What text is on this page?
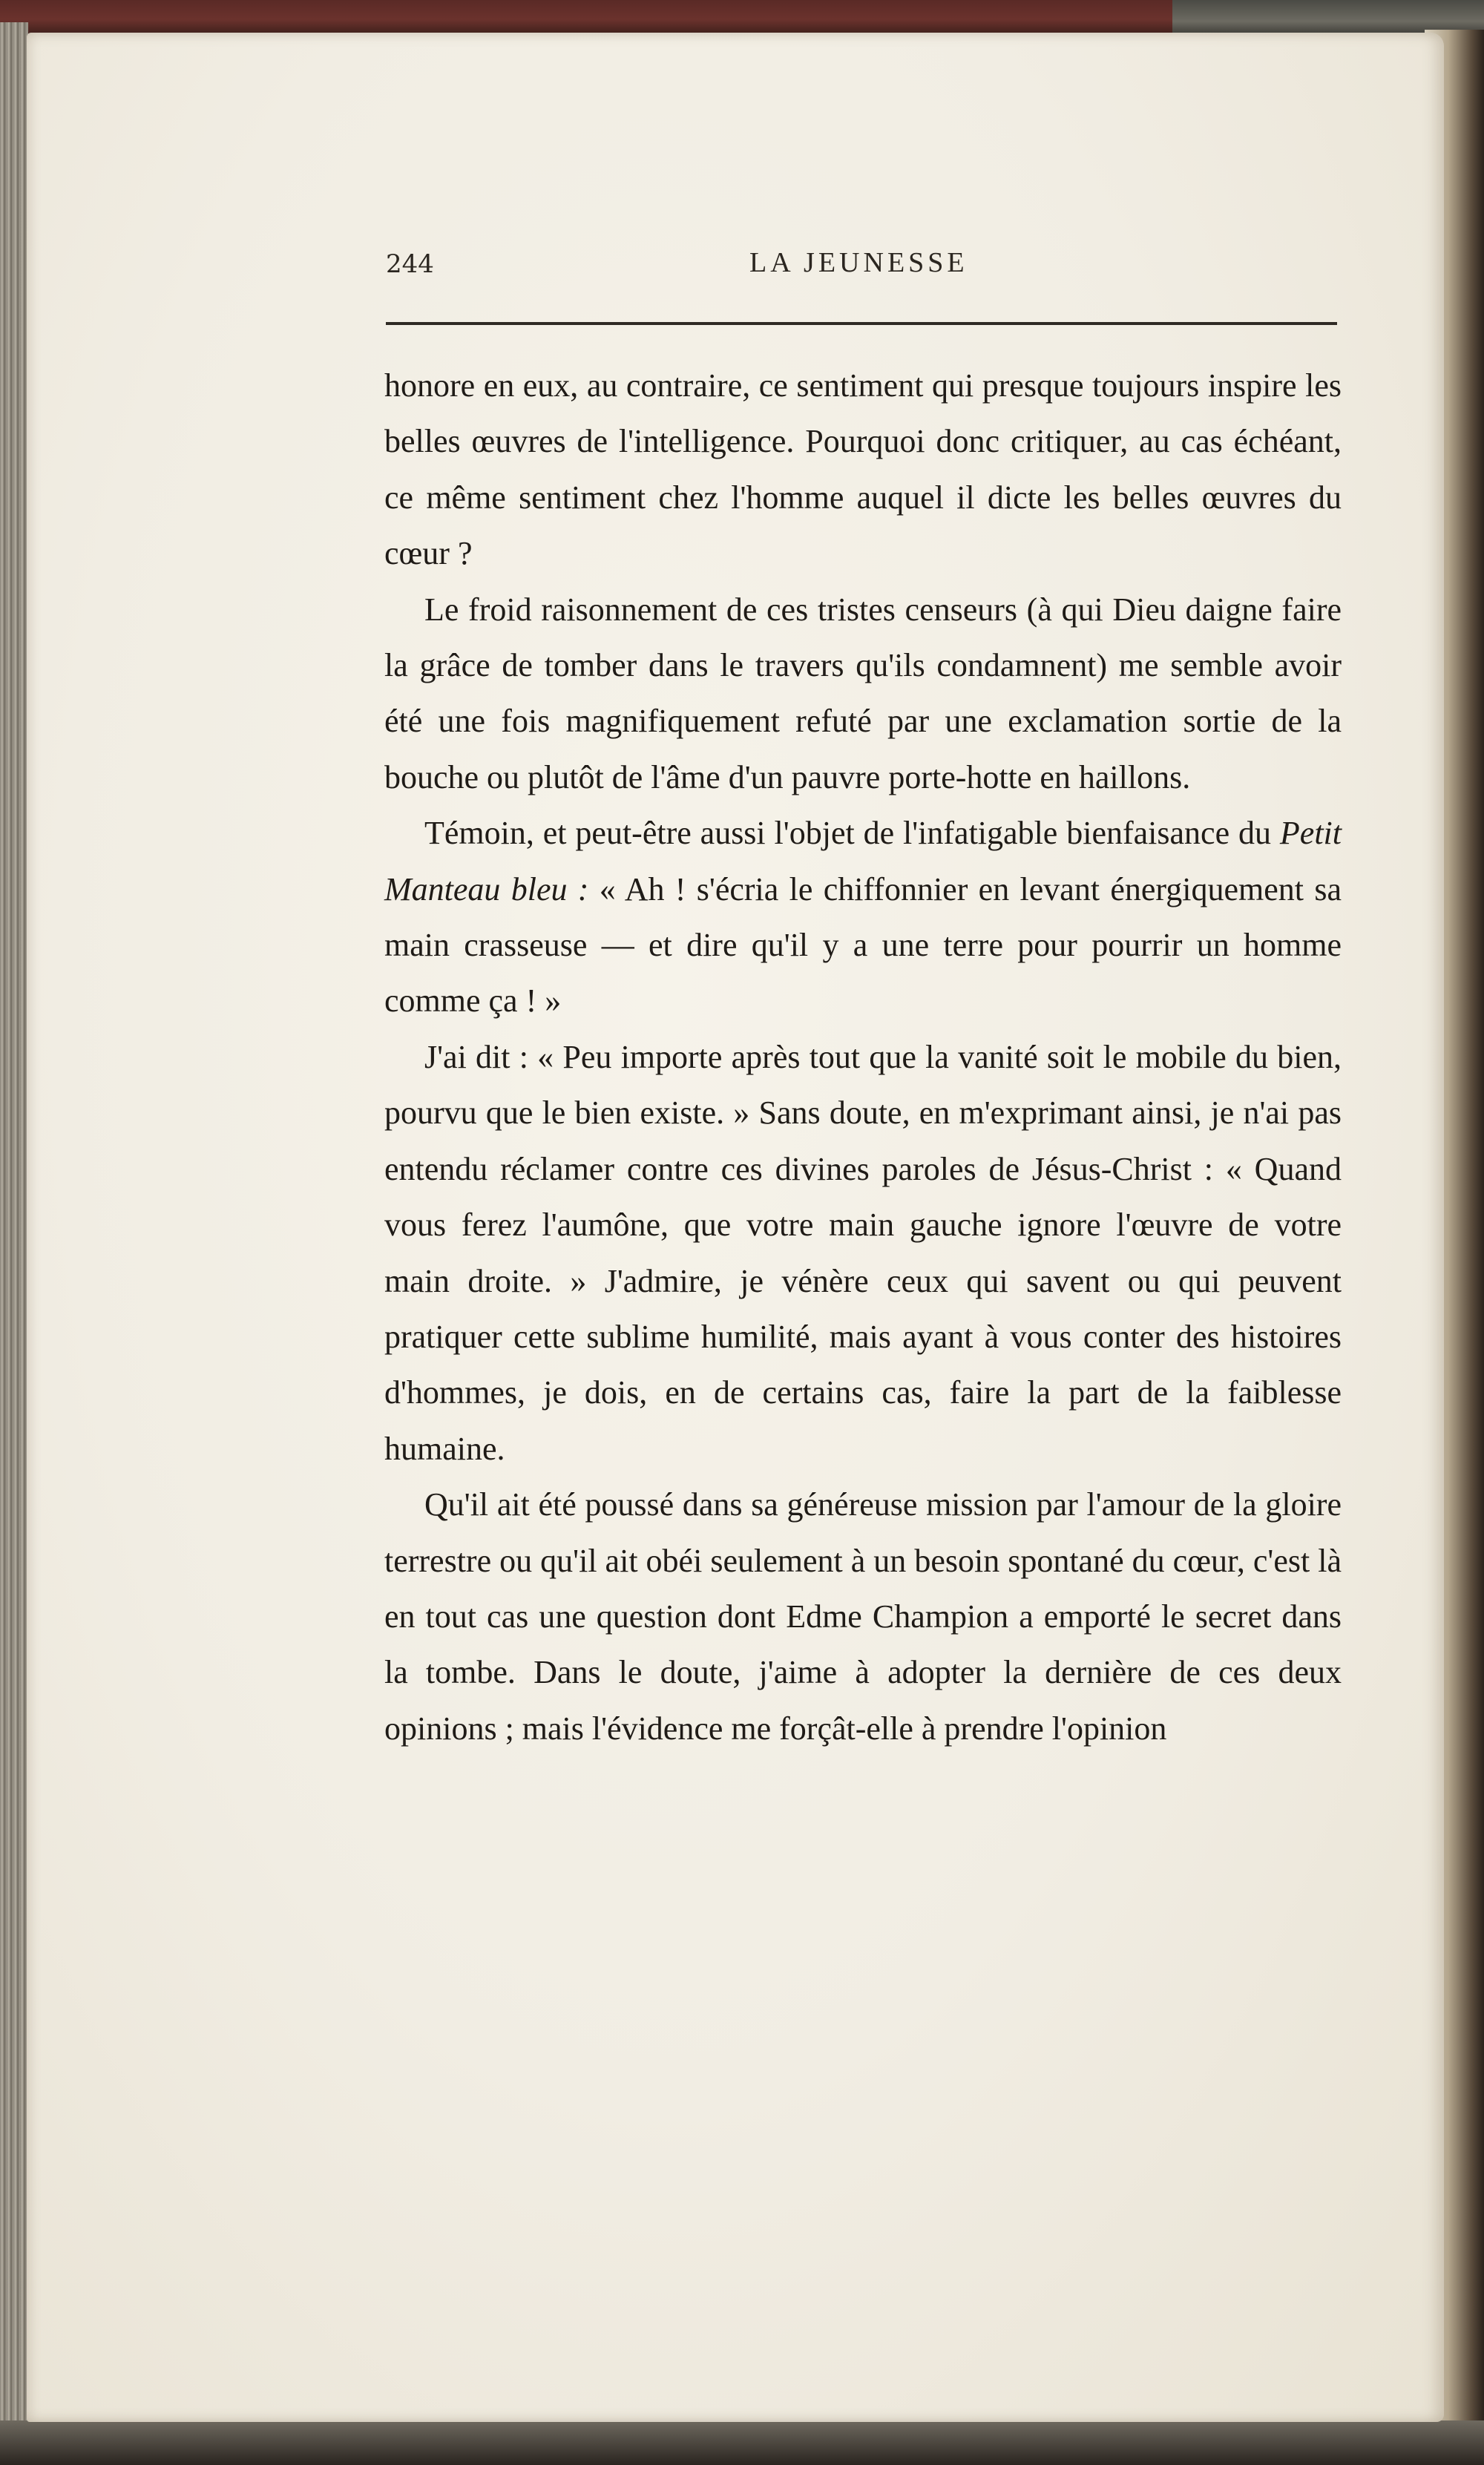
244	LA JEUNESSE

honore en eux, au contraire, ce sentiment qui presque toujours inspire les belles œuvres de l'intelligence. Pourquoi donc critiquer, au cas échéant, ce même sentiment chez l'homme auquel il dicte les belles œuvres du cœur ?

Le froid raisonnement de ces tristes censeurs (à qui Dieu daigne faire la grâce de tomber dans le travers qu'ils condamnent) me semble avoir été une fois magnifiquement refuté par une exclamation sortie de la bouche ou plutôt de l'âme d'un pauvre porte-hotte en haillons.

Témoin, et peut-être aussi l'objet de l'infatigable bienfaisance du Petit Manteau bleu : « Ah ! s'écria le chiffonnier en levant énergiquement sa main crasseuse — et dire qu'il y a une terre pour pourrir un homme comme ça ! »

J'ai dit : « Peu importe après tout que la vanité soit le mobile du bien, pourvu que le bien existe. » Sans doute, en m'exprimant ainsi, je n'ai pas entendu réclamer contre ces divines paroles de Jésus-Christ : « Quand vous ferez l'aumône, que votre main gauche ignore l'œuvre de votre main droite. » J'admire, je vénère ceux qui savent ou qui peuvent pratiquer cette sublime humilité, mais ayant à vous conter des histoires d'hommes, je dois, en de certains cas, faire la part de la faiblesse humaine.

Qu'il ait été poussé dans sa généreuse mission par l'amour de la gloire terrestre ou qu'il ait obéi seulement à un besoin spontané du cœur, c'est là en tout cas une question dont Edme Champion a emporté le secret dans la tombe. Dans le doute, j'aime à adopter la dernière de ces deux opinions ; mais l'évidence me forçât-elle à prendre l'opinion
